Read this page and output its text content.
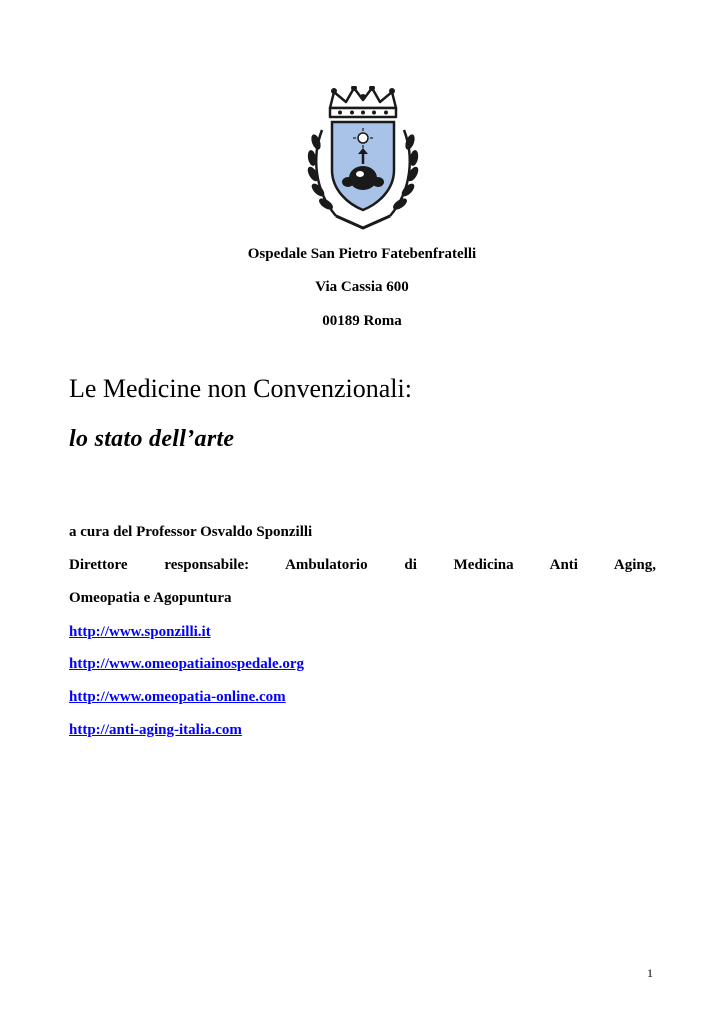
Ospedale San Pietro Fatebenfratelli
Via Cassia 600
00189 Roma
Le Medicine non Convenzionali:
lo stato dell’arte
a cura del Professor Osvaldo Sponzilli
Direttore responsabile: Ambulatorio di Medicina Anti Aging,
Omeopatia e Agopuntura
http://www.sponzilli.it
http://www.omeopatiainospedale.org
http://www.omeopatia-online.com
http://anti-aging-italia.com
1
